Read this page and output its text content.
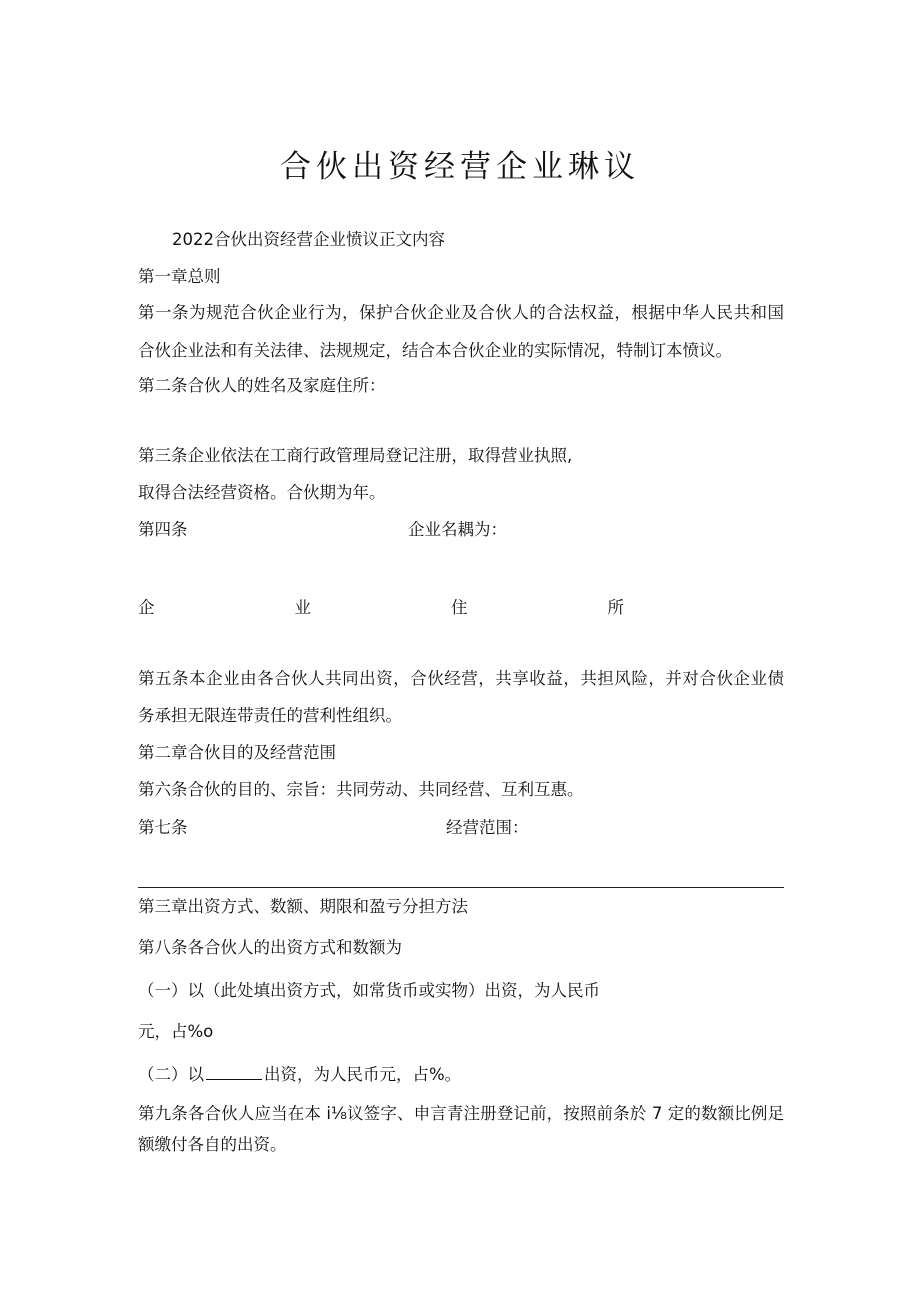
合伙出资经营企业琳议

2022合伙出资经营企业愤议正文内容

第一章总则

第一条为规范合伙企业行为，保护合伙企业及合伙人的合法权益，根据中华人民共和国

合伙企业法和有关法律、法规规定，结合本合伙企业的实际情况，特制订本愤议。

第二条合伙人的姓名及家庭住所：

第三条企业依法在工商行政管理局登记注册，取得营业执照,

取得合法经营资格。合伙期为年。

第四条	企业名耦为：
企	业	住	所

第五条本企业由各合伙人共同出资，合伙经营，共享收益，共担风险，并对合伙企业债

务承担无限连带责任的营利性组织。

第二章合伙目的及经营范围

第六条合伙的目的、宗旨：共同劳动、共同经营、互利互惠。

第七条	经营范围：

第三章出资方式、数额、期限和盈亏分担方法

第八条各合伙人的出资方式和数额为

（一）以（此处填出资方式，如常货币或实物）出资，为人民币

元，占%o

（二）以	出资，为人民币元，占%。

第九条各合伙人应当在本 i⅛议签字、申言青注册登记前，按照前条於 7 定的数额比例足

额缴付各自的出资。
